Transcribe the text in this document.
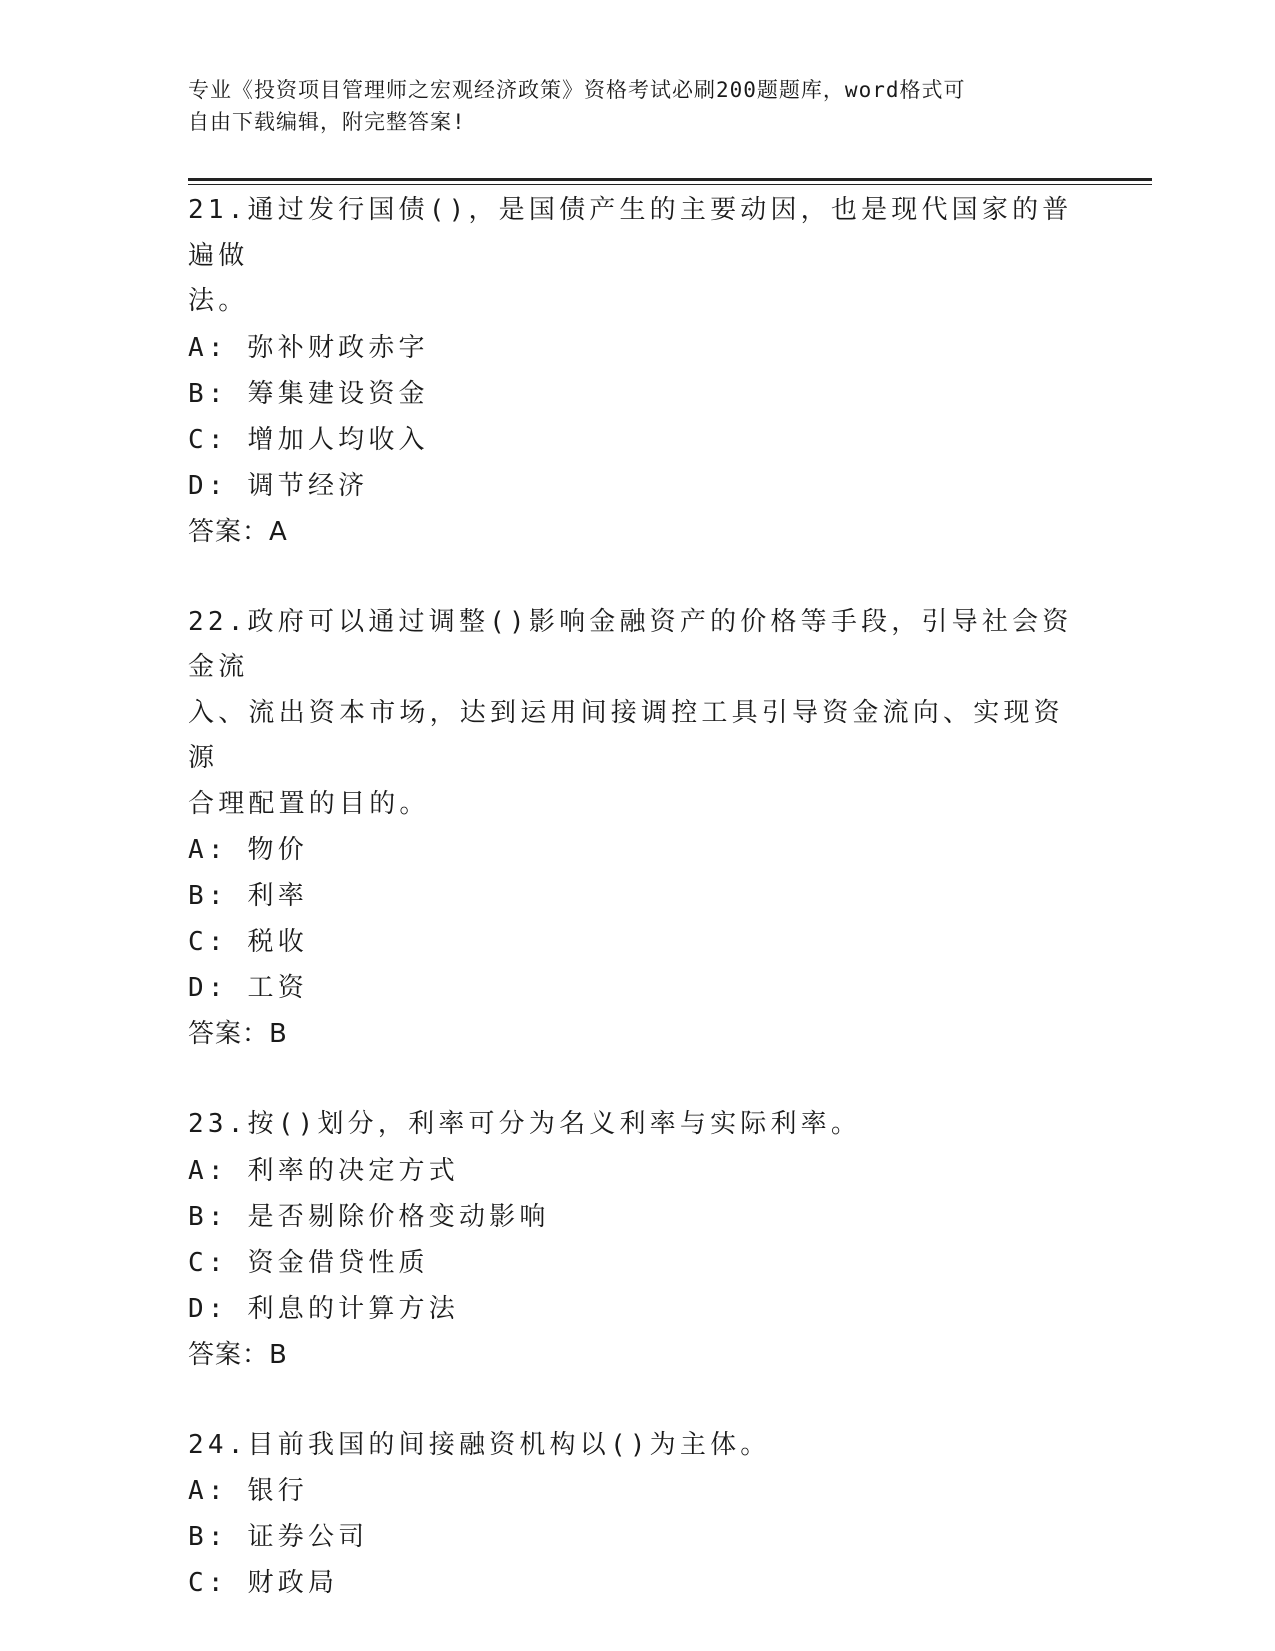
专业《投资项目管理师之宏观经济政策》资格考试必刷200题题库，word格式可
自由下载编辑，附完整答案!

21.通过发行国债()，是国债产生的主要动因，也是现代国家的普遍做

法。

A: 弥补财政赤字

B: 筹集建设资金

C: 增加人均收入

D: 调节经济

答案：A

22.政府可以通过调整()影响金融资产的价格等手段，引导社会资金流

入、流出资本市场，达到运用间接调控工具引导资金流向、实现资源

合理配置的目的。

A: 物价

B: 利率

C: 税收

D: 工资

答案：B

23.按()划分，利率可分为名义利率与实际利率。

A: 利率的决定方式

B: 是否剔除价格变动影响

C: 资金借贷性质

D: 利息的计算方法

答案：B

24.目前我国的间接融资机构以()为主体。

A: 银行

B: 证券公司

C: 财政局
